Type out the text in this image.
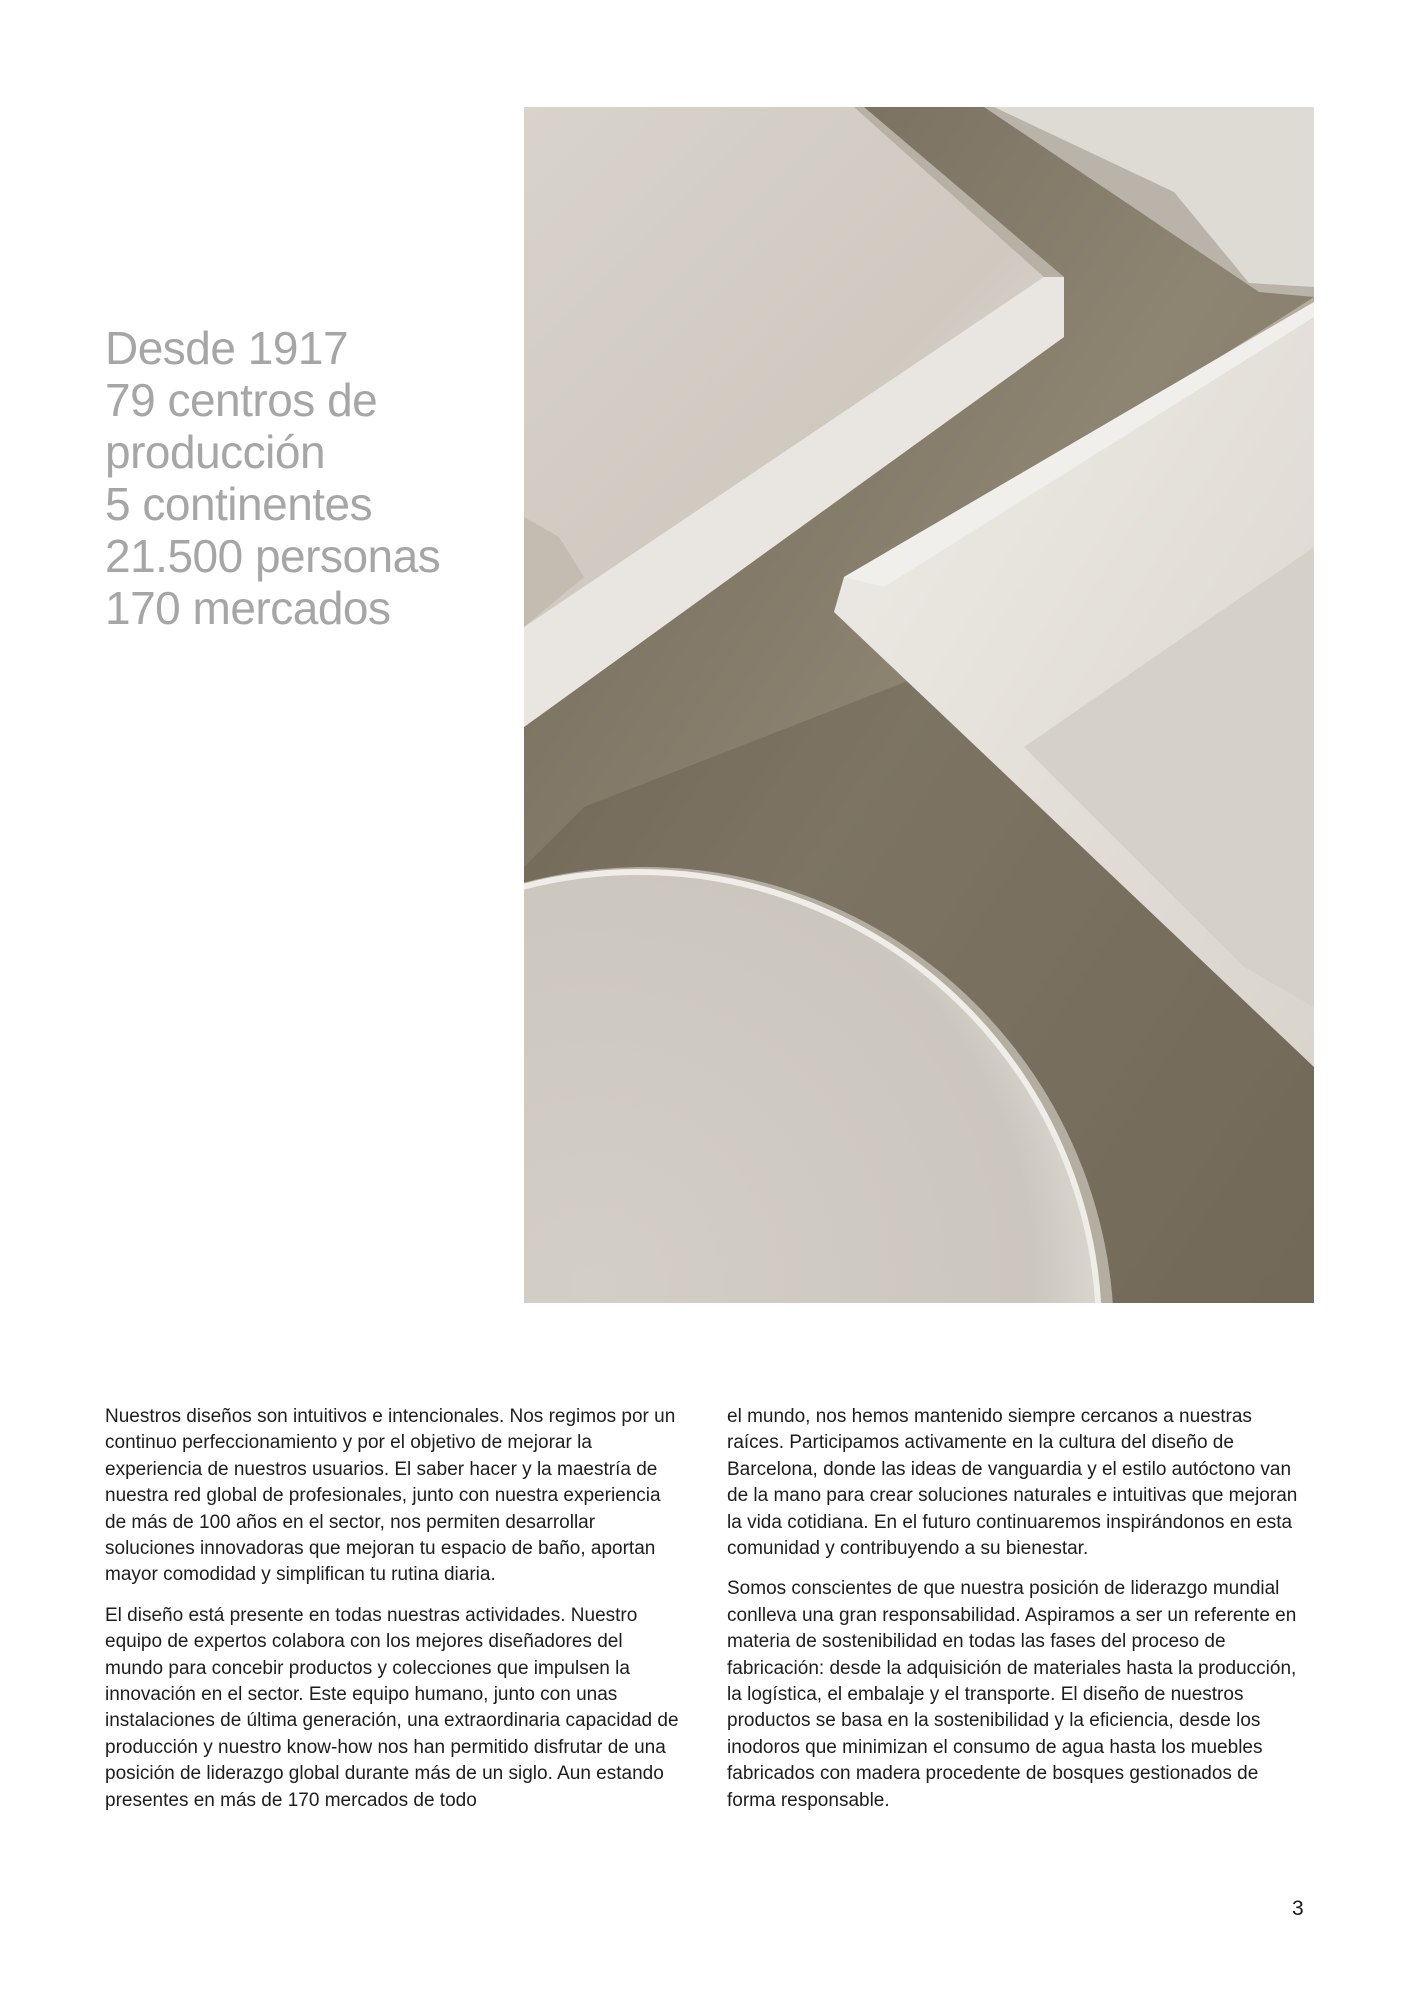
Desde 1917
79 centros de
producción
5 continentes
21.500 personas
170 mercados

Nuestros diseños son intuitivos e intencionales. Nos regimos por un continuo perfeccionamiento y por el objetivo de mejorar la experiencia de nuestros usuarios. El saber hacer y la maestría de nuestra red global de profesionales, junto con nuestra experiencia de más de 100 años en el sector, nos permiten desarrollar soluciones innovadoras que mejoran tu espacio de baño, aportan mayor comodidad y simplifican tu rutina diaria.

El diseño está presente en todas nuestras actividades. Nuestro equipo de expertos colabora con los mejores diseñadores del mundo para concebir productos y colecciones que impulsen la innovación en el sector. Este equipo humano, junto con unas instalaciones de última generación, una extraordinaria capacidad de producción y nuestro know-how nos han permitido disfrutar de una posición de liderazgo global durante más de un siglo. Aun estando presentes en más de 170 mercados de todo

el mundo, nos hemos mantenido siempre cercanos a nuestras raíces. Participamos activamente en la cultura del diseño de Barcelona, donde las ideas de vanguardia y el estilo autóctono van de la mano para crear soluciones naturales e intuitivas que mejoran la vida cotidiana. En el futuro continuaremos inspirándonos en esta comunidad y contribuyendo a su bienestar.

Somos conscientes de que nuestra posición de liderazgo mundial conlleva una gran responsabilidad. Aspiramos a ser un referente en materia de sostenibilidad en todas las fases del proceso de fabricación: desde la adquisición de materiales hasta la producción, la logística, el embalaje y el transporte. El diseño de nuestros productos se basa en la sostenibilidad y la eficiencia, desde los inodoros que minimizan el consumo de agua hasta los muebles fabricados con madera procedente de bosques gestionados de forma responsable.

3
